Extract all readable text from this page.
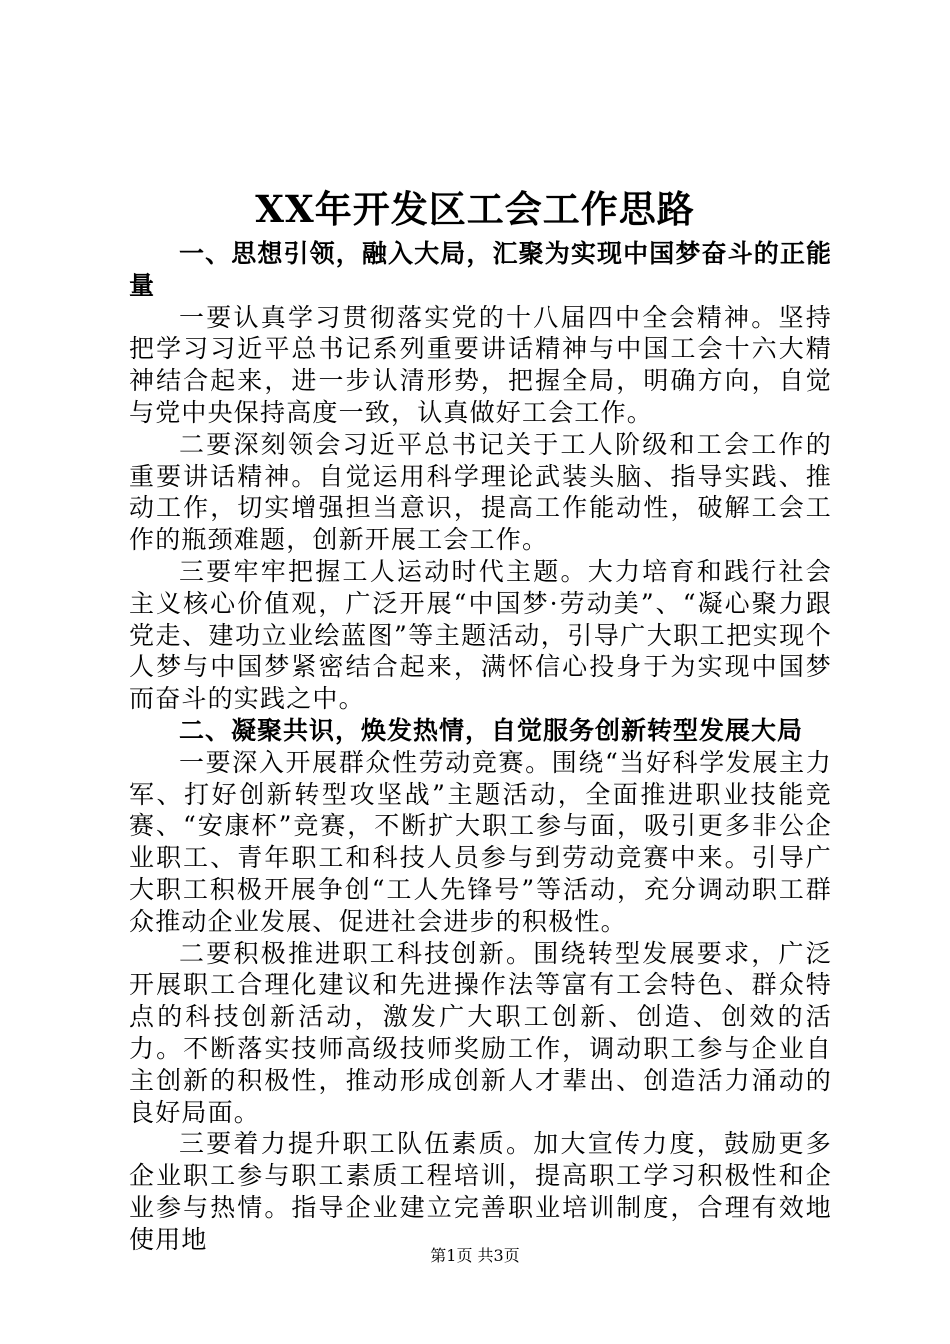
XX年开发区工会工作思路

一、思想引领，融入大局，汇聚为实现中国梦奋斗的正能量

一要认真学习贯彻落实党的十八届四中全会精神。坚持把学习习近平总书记系列重要讲话精神与中国工会十六大精神结合起来，进一步认清形势，把握全局，明确方向，自觉与党中央保持高度一致，认真做好工会工作。

二要深刻领会习近平总书记关于工人阶级和工会工作的重要讲话精神。自觉运用科学理论武装头脑、指导实践、推动工作，切实增强担当意识，提高工作能动性，破解工会工作的瓶颈难题，创新开展工会工作。

三要牢牢把握工人运动时代主题。大力培育和践行社会主义核心价值观，广泛开展“中国梦·劳动美”、“凝心聚力跟党走、建功立业绘蓝图”等主题活动，引导广大职工把实现个人梦与中国梦紧密结合起来，满怀信心投身于为实现中国梦而奋斗的实践之中。

二、凝聚共识，焕发热情，自觉服务创新转型发展大局

一要深入开展群众性劳动竞赛。围绕“当好科学发展主力军、打好创新转型攻坚战”主题活动，全面推进职业技能竞赛、“安康杯”竞赛，不断扩大职工参与面，吸引更多非公企业职工、青年职工和科技人员参与到劳动竞赛中来。引导广大职工积极开展争创“工人先锋号”等活动，充分调动职工群众推动企业发展、促进社会进步的积极性。

二要积极推进职工科技创新。围绕转型发展要求，广泛开展职工合理化建议和先进操作法等富有工会特色、群众特点的科技创新活动，激发广大职工创新、创造、创效的活力。不断落实技师高级技师奖励工作，调动职工参与企业自主创新的积极性，推动形成创新人才辈出、创造活力涌动的良好局面。

三要着力提升职工队伍素质。加大宣传力度，鼓励更多企业职工参与职工素质工程培训，提高职工学习积极性和企业参与热情。指导企业建立完善职业培训制度，合理有效地使用地

第1页 共3页
